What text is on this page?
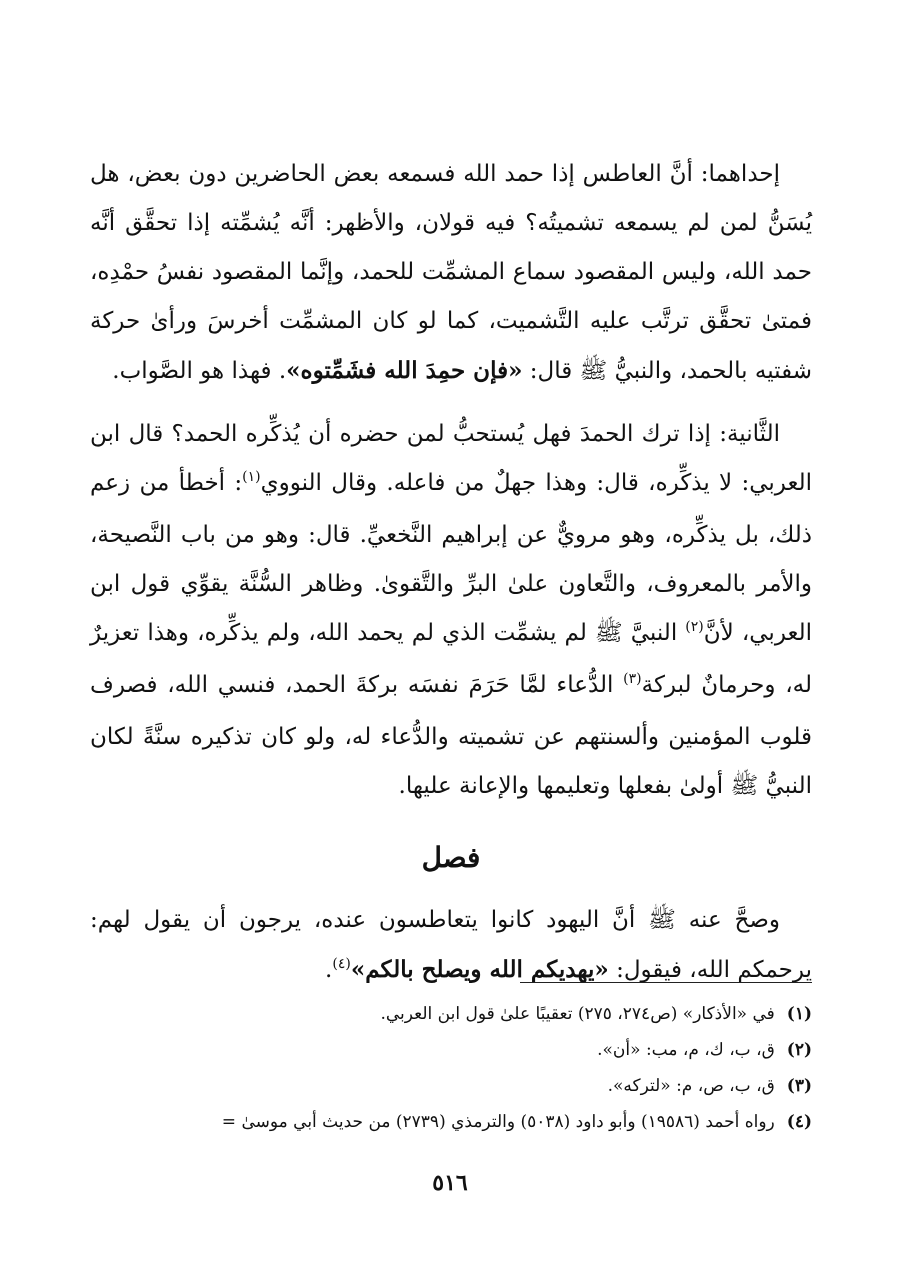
إحداهما: أنَّ العاطس إذا حمد الله فسمعه بعض الحاضرين دون بعض، هل يُسَنُّ لمن لم يسمعه تشميتُه؟ فيه قولان، والأظهر: أنَّه يُشمِّته إذا تحقَّق أنَّه حمد الله، وليس المقصود سماع المشمِّت للحمد، وإنَّما المقصود نفسُ حمْدِه، فمتىٰ تحقَّق ترتَّب عليه التَّشميت، كما لو كان المشمِّت أخرسَ ورأىٰ حركة شفتيه بالحمد، والنبيُّ ﷺ قال: «فإن حمِدَ الله فشَمِّتوه». فهذا هو الصَّواب.

الثَّانية: إذا ترك الحمدَ فهل يُستحبُّ لمن حضره أن يُذكِّره الحمد؟ قال ابن العربي: لا يذكِّره، قال: وهذا جهلٌ من فاعله. وقال النووي$^{(١)}$: أخطأ من زعم ذلك، بل يذكِّره، وهو مرويٌّ عن إبراهيم النَّخعيِّ. قال: وهو من باب النَّصيحة، والأمر بالمعروف، والتَّعاون علىٰ البرِّ والتَّقوىٰ. وظاهر السُّنَّة يقوِّي قول ابن العربي، لأنَّ$^{(٢)}$ النبيَّ ﷺ لم يشمِّت الذي لم يحمد الله، ولم يذكِّره، وهذا تعزيرٌ له، وحرمانٌ لبركة$^{(٣)}$ الدُّعاء لمَّا حَرَمَ نفسَه بركةَ الحمد، فنسي الله، فصرف قلوب المؤمنين وألسنتهم عن تشميته والدُّعاء له، ولو كان تذكيره سنَّةً لكان النبيُّ ﷺ أولىٰ بفعلها وتعليمها والإعانة عليها.

فصل

وصحَّ عنه ﷺ أنَّ اليهود كانوا يتعاطسون عنده، يرجون أن يقول لهم: يرحمكم الله، فيقول: «يهديكم الله ويصلح بالكم»$^{(٤)}$.

(١)
في «الأذكار» (ص٢٧٤، ٢٧٥) تعقيبًا علىٰ قول ابن العربي.
(٢)
ق، ب، ك، م، مب: «أن».
(٣)
ق، ب، ص، م: «لتركه».
(٤)
رواه أحمد (١٩٥٨٦) وأبو داود (٥٠٣٨) والترمذي (٢٧٣٩) من حديث أبي موسىٰ =
٥١٦
